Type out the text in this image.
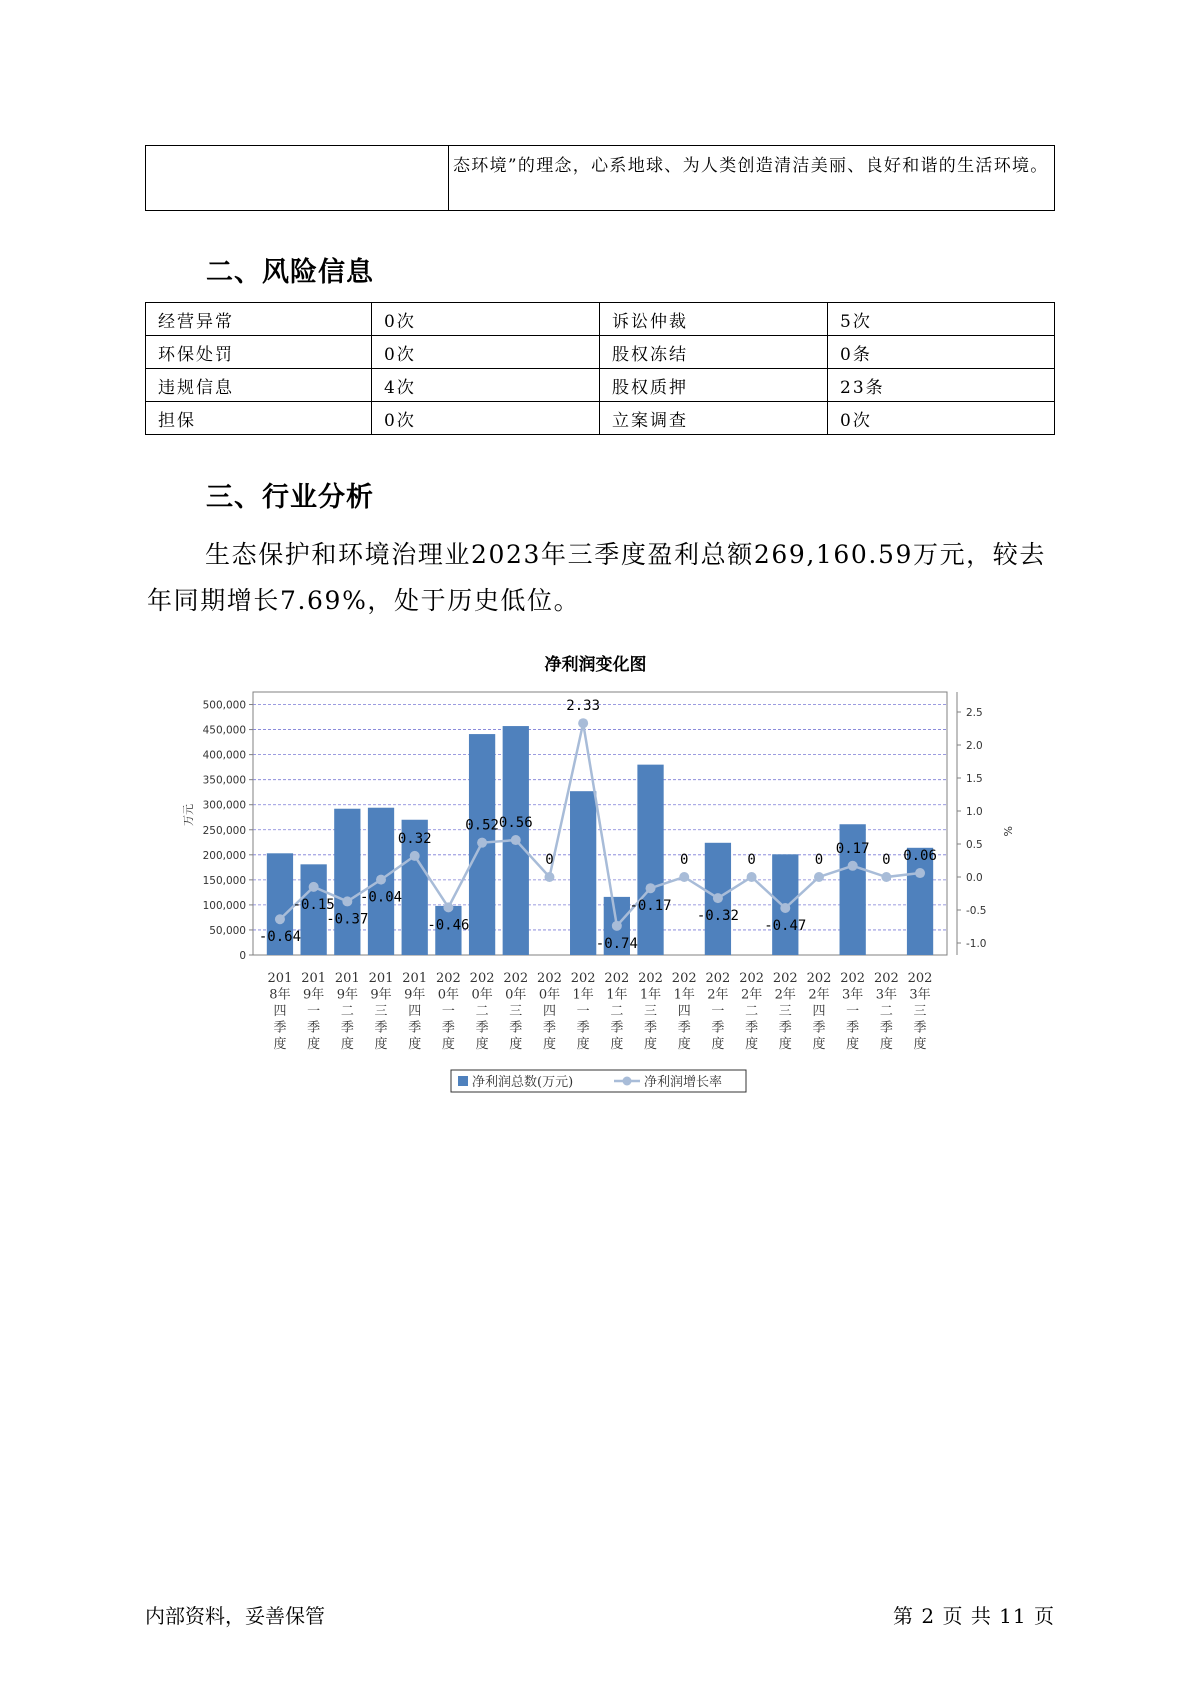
	态环境”的理念，心系地球、为人类创造清洁美丽、良好和谐的生活环境。
二、风险信息
经营异常	0次	诉讼仲裁	5次
环保处罚	0次	股权冻结	0条
违规信息	4次	股权质押	23条
担保	0次	立案调查	0次
三、行业分析
生态保护和环境治理业2023年三季度盈利总额269,160.59万元，较去年同期增长7.69%，处于历史低位。
净利润变化图
500,000
450,000
400,000
350,000
300,000
250,000
200,000
150,000
100,000
50,000
0
2.5
2.0
1.5
1.0
0.5
0.0
-0.5
-1.0
万元
%
-0.64
-0.15
-0.37
-0.04
0.32
-0.46
0.52 0.56
0
2.33
-0.74
-0.17
0
-0.32
0
-0.47
0
0.17
0 0.06
201 8年四季度
201 9年一季度
201 9年二季度
201 9年三季度
201 9年四季度
202 0年一季度
202 0年二季度
202 0年三季度
202 0年四季度
202 1年一季度
202 1年二季度
202 1年三季度
202 1年四季度
202 2年一季度
202 2年二季度
202 2年三季度
202 2年四季度
202 3年一季度
202 3年二季度
202 3年三季度
净利润总数(万元)	净利润增长率
内部资料，妥善保管	第 2 页 共 11 页
